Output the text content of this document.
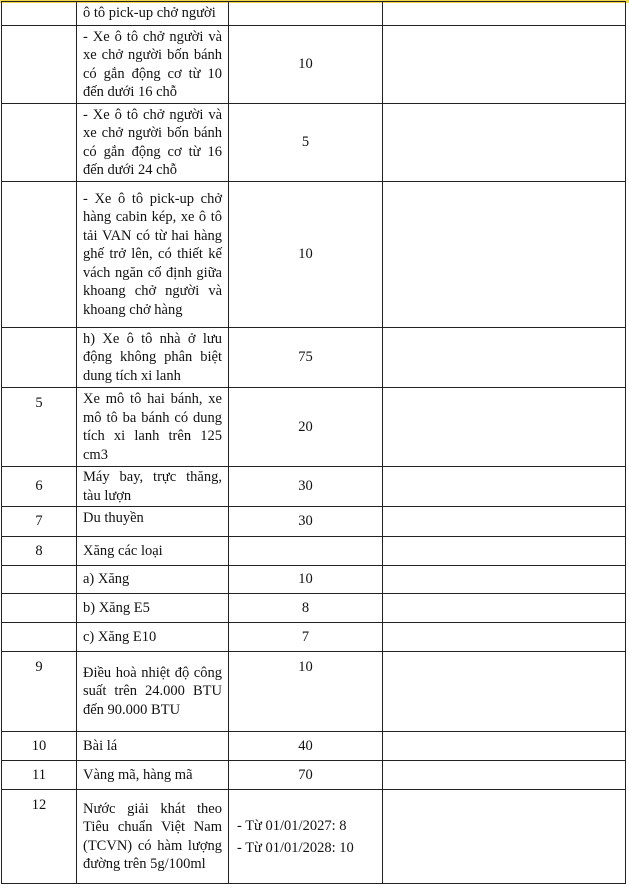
	ô tô pick-up chở người		
	- Xe ô tô chở người và xe chở người bốn bánh có gắn động cơ từ 10 đến dưới 16 chỗ	10	
	- Xe ô tô chở người và xe chở người bốn bánh có gắn động cơ từ 16 đến dưới 24 chỗ	5	
	- Xe ô tô pick-up chở hàng cabin kép, xe ô tô tải VAN có từ hai hàng ghế trở lên, có thiết kế vách ngăn cố định giữa khoang chở người và khoang chở hàng	10	
	h) Xe ô tô nhà ở lưu động không phân biệt dung tích xi lanh	75	
5	Xe mô tô hai bánh, xe mô tô ba bánh có dung tích xi lanh trên 125 cm3	20	
6	Máy bay, trực thăng, tàu lượn	30	
7	Du thuyền	30	
8	Xăng các loại		
	a) Xăng	10	
	b) Xăng E5	8	
	c) Xăng E10	7	
9	Điều hoà nhiệt độ công suất trên 24.000 BTU đến 90.000 BTU	10	
10	Bài lá	40	
11	Vàng mã, hàng mã	70	
12	Nước giải khát theo Tiêu chuẩn Việt Nam (TCVN) có hàm lượng đường trên 5g/100ml	- Từ 01/01/2027: 8
- Từ 01/01/2028: 10	
